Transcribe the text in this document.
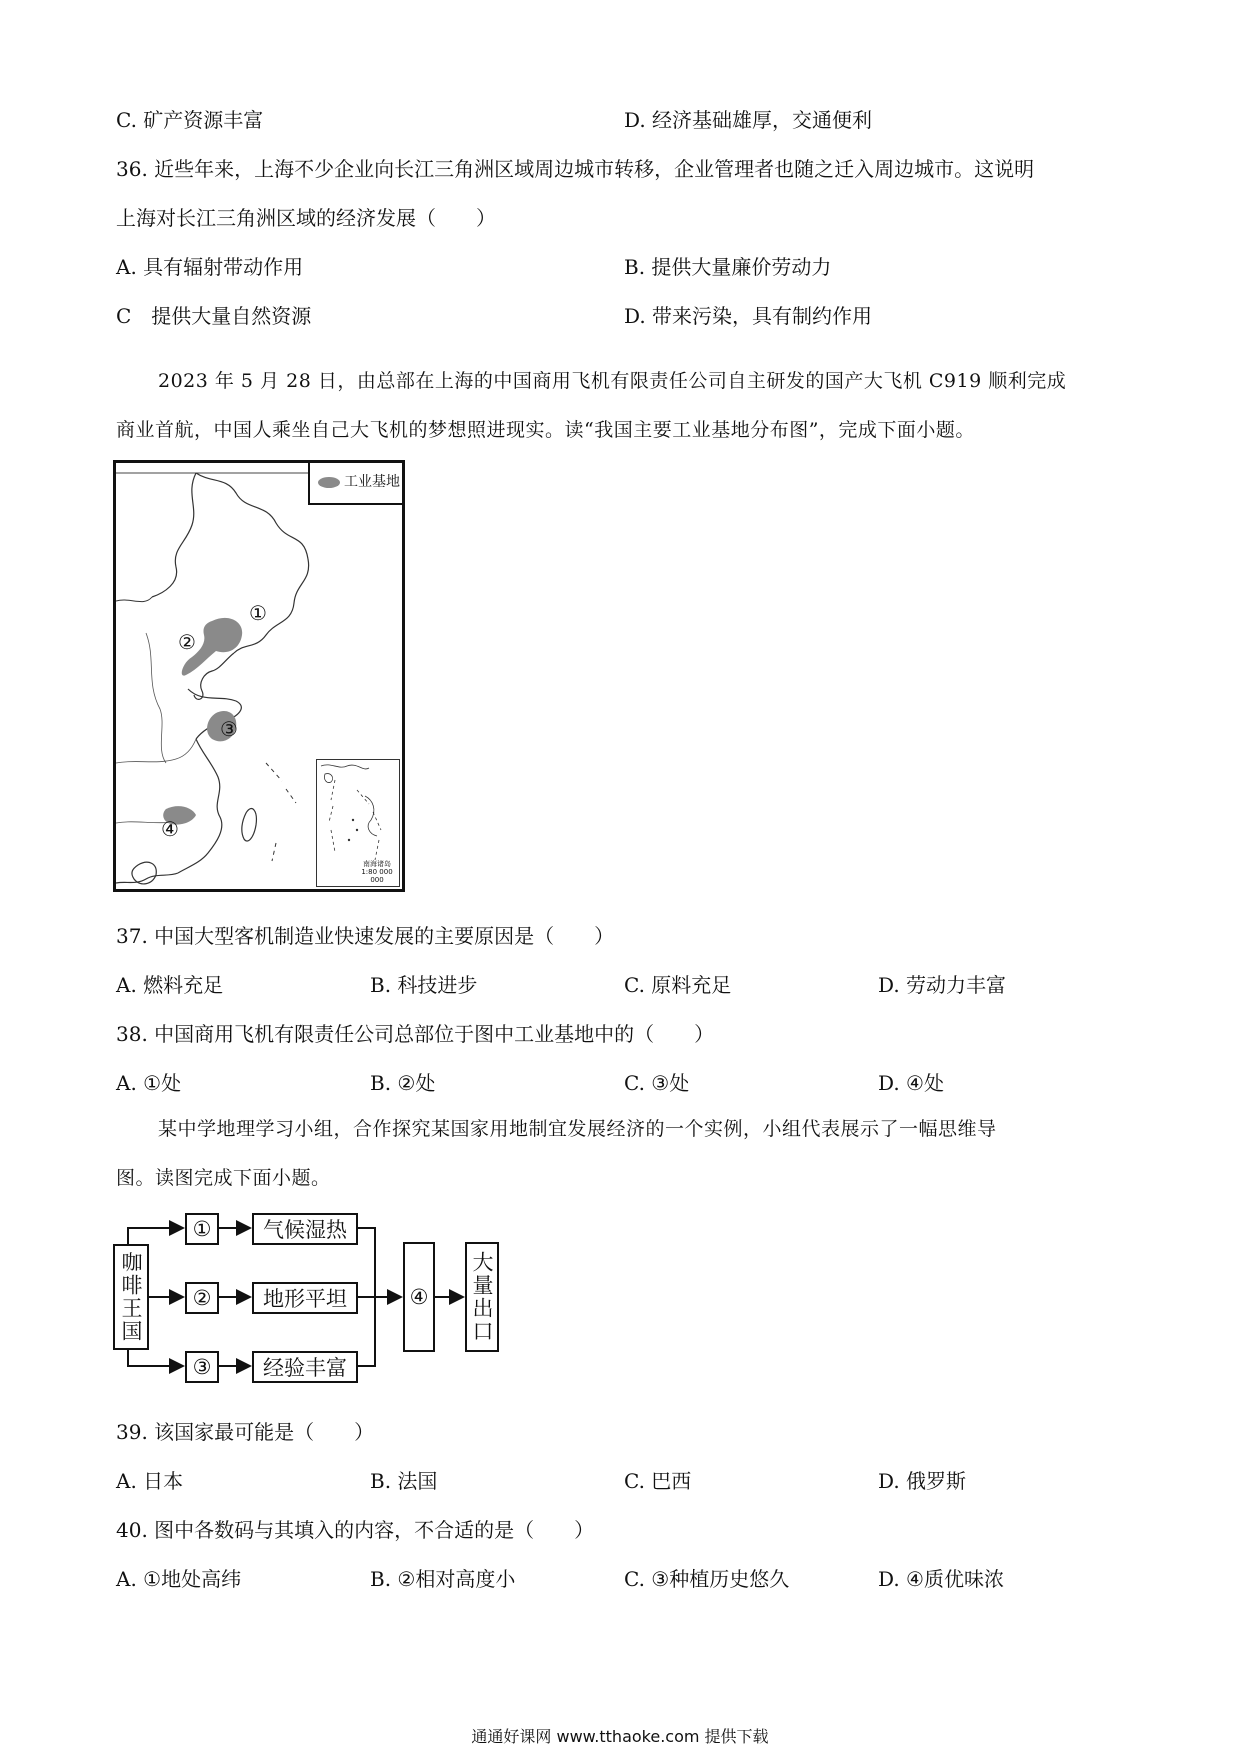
C. 矿产资源丰富	D. 经济基础雄厚，交通便利
36. 近些年来，上海不少企业向长江三角洲区域周边城市转移，企业管理者也随之迁入周边城市。这说明
上海对长江三角洲区域的经济发展（　　）
A. 具有辐射带动作用	B. 提供大量廉价劳动力
C　提供大量自然资源	D. 带来污染，具有制约作用
2023 年 5 月 28 日，由总部在上海的中国商用飞机有限责任公司自主研发的国产大飞机 C919 顺利完成
商业首航，中国人乘坐自己大飞机的梦想照进现实。读“我国主要工业基地分布图”，完成下面小题。
工业基地
①
②
③
④
南海诸岛
1:80 000 000
37. 中国大型客机制造业快速发展的主要原因是（　　）
A. 燃料充足	B. 科技进步	C. 原料充足	D. 劳动力丰富
38. 中国商用飞机有限责任公司总部位于图中工业基地中的（　　）
A. ①处	B. ②处	C. ③处	D. ④处
某中学地理学习小组，合作探究某国家用地制宜发展经济的一个实例，小组代表展示了一幅思维导
图。读图完成下面小题。
咖啡王国
①
②
③
气候湿热
地形平坦
经验丰富
④	大量出口
39. 该国家最可能是（　　）
A. 日本	B. 法国	C. 巴西	D. 俄罗斯
40. 图中各数码与其填入的内容，不合适的是（　　）
A. ①地处高纬	B. ②相对高度小	C. ③种植历史悠久	D. ④质优味浓
通通好课网 www.tthaoke.com 提供下载
